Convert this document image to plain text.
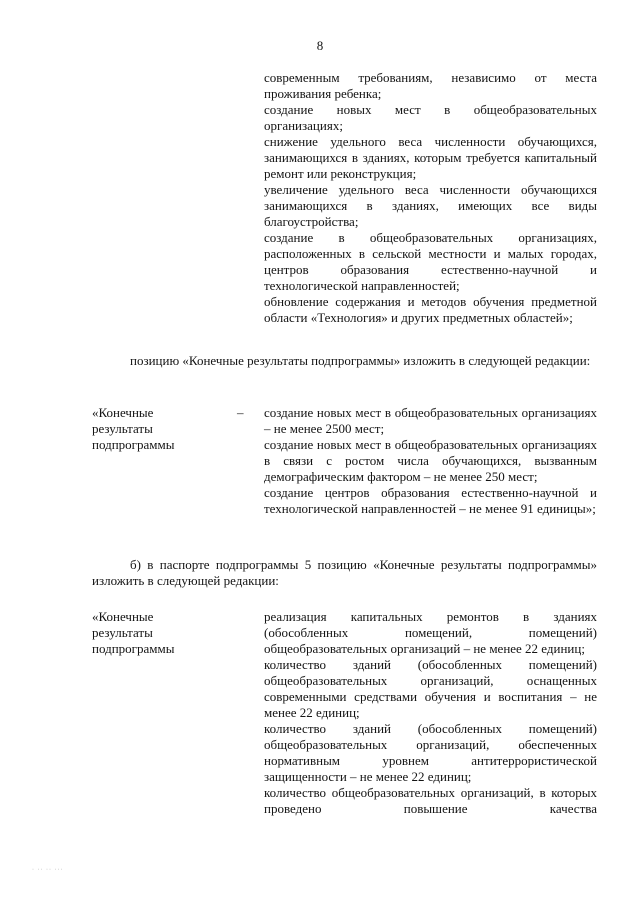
8

современным требованиям, независимо от места проживания ребенка;

создание новых мест в общеобразовательных организациях;

снижение удельного веса численности обучающихся, занимающихся в зданиях, которым требуется капитальный ремонт или реконструкция;

увеличение удельного веса численности обучающихся занимающихся в зданиях, имеющих все виды благоустройства;

создание в общеобразовательных организациях, расположенных в сельской местности и малых городах, центров образования естественно-научной и технологической направленностей;

обновление содержания и методов обучения предметной области «Технология» и других предметных областей»;

позицию «Конечные результаты подпрограммы» изложить в следующей редакции:

«Конечные
результаты
подпрограммы
– создание новых мест в общеобразовательных организациях – не менее 2500 мест;

создание новых мест в общеобразовательных организациях в связи с ростом числа обучающихся, вызванным демографическим фактором – не менее 250 мест;

создание центров образования естественно-научной и технологической направленностей – не менее 91 единицы»;

б) в паспорте подпрограммы 5 позицию «Конечные результаты подпрограммы» изложить в следующей редакции:

«Конечные
результаты
подпрограммы

реализация капитальных ремонтов в зданиях (обособленных помещений, помещений) общеобразовательных организаций – не менее 22 единиц;

количество зданий (обособленных помещений) общеобразовательных организаций, оснащенных современными средствами обучения и воспитания – не менее 22 единиц;

количество зданий (обособленных помещений) общеобразовательных организаций, обеспеченных нормативным уровнем антитеррористической защищенности – не менее 22 единиц;

количество общеобразовательных организаций, в которых проведено повышение качества

· ·· ·· ···
